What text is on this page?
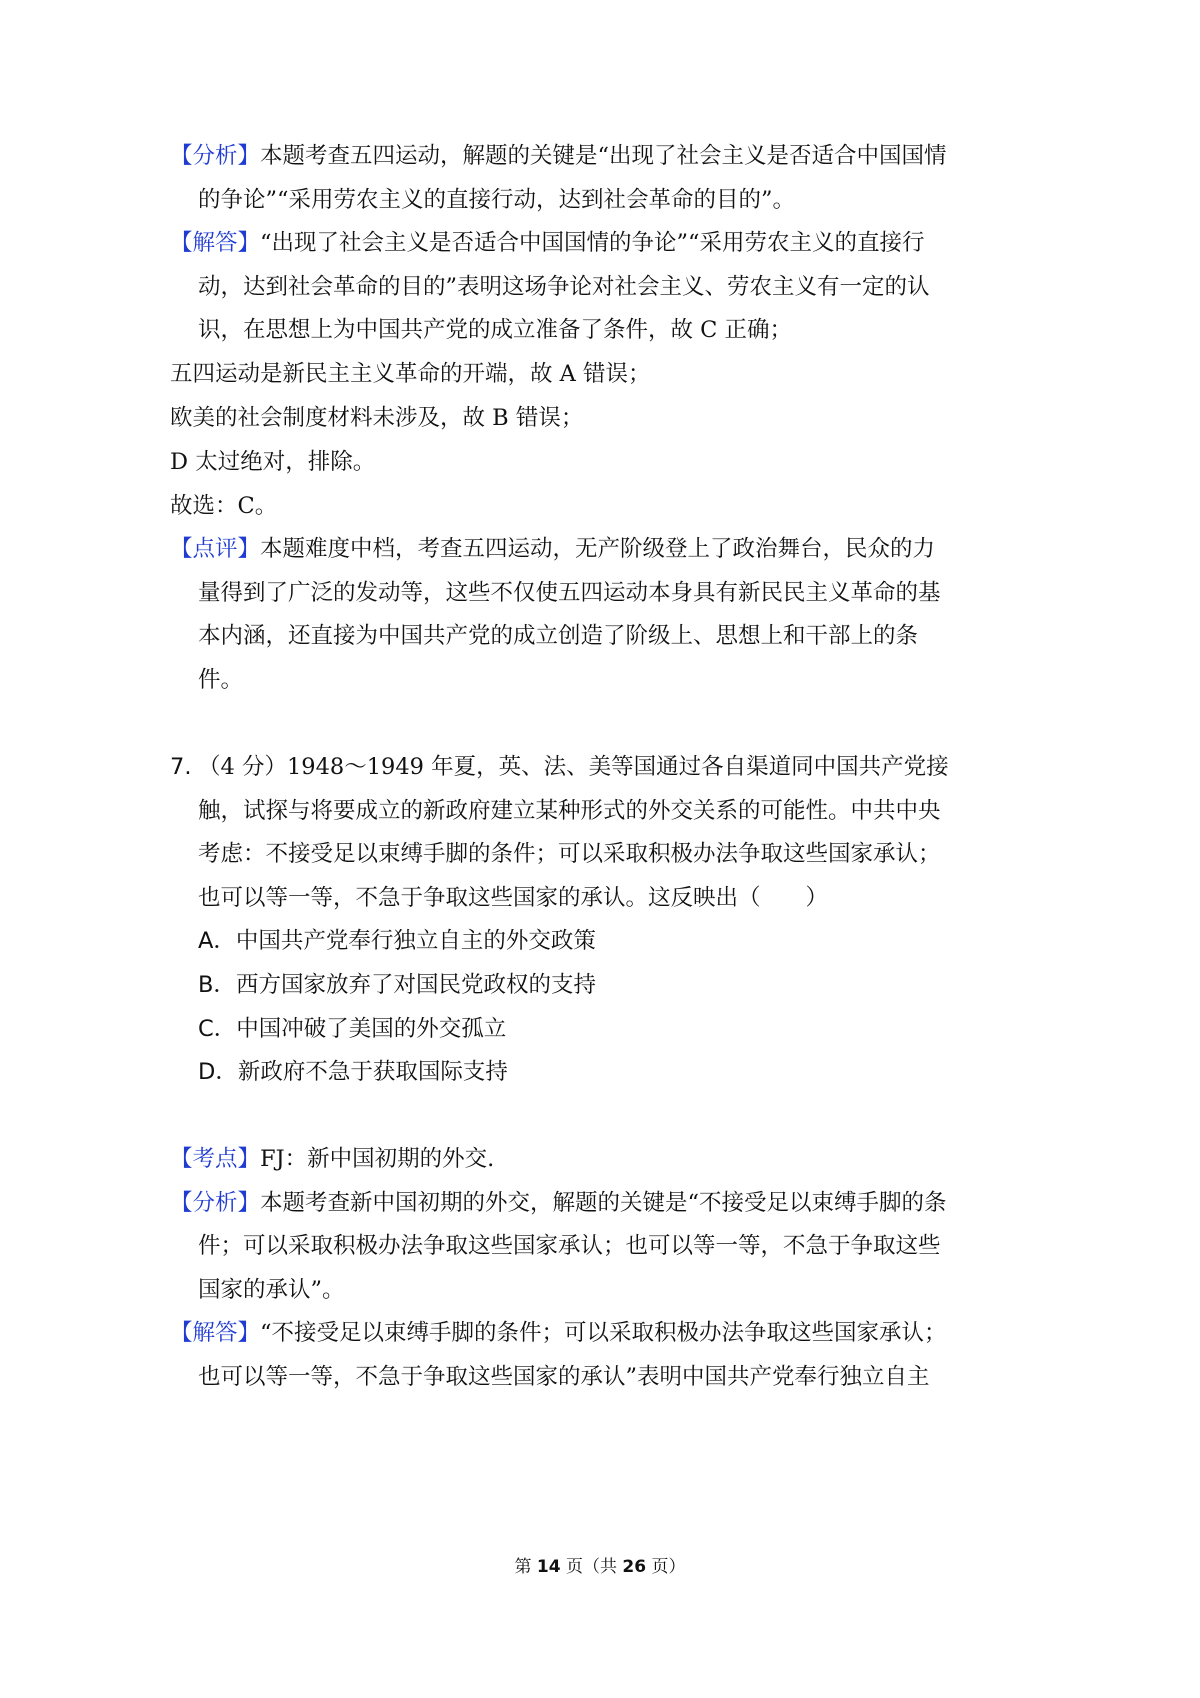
【分析】本题考查五四运动，解题的关键是“出现了社会主义是否适合中国国情
的争论”“采用劳农主义的直接行动，达到社会革命的目的”。
【解答】“出现了社会主义是否适合中国国情的争论”“采用劳农主义的直接行
动，达到社会革命的目的”表明这场争论对社会主义、劳农主义有一定的认
识，在思想上为中国共产党的成立准备了条件，故 C 正确；
五四运动是新民主主义革命的开端，故 A 错误；
欧美的社会制度材料未涉及，故 B 错误；
D 太过绝对，排除。
故选：C。
【点评】本题难度中档，考查五四运动，无产阶级登上了政治舞台，民众的力
量得到了广泛的发动等，这些不仅使五四运动本身具有新民民主义革命的基
本内涵，还直接为中国共产党的成立创造了阶级上、思想上和干部上的条
件。
7. （4 分）1948～1949 年夏，英、法、美等国通过各自渠道同中国共产党接
触，试探与将要成立的新政府建立某种形式的外交关系的可能性。中共中央
考虑：不接受足以束缚手脚的条件；可以采取积极办法争取这些国家承认；
也可以等一等，不急于争取这些国家的承认。这反映出（　　）
A．中国共产党奉行独立自主的外交政策
B．西方国家放弃了对国民党政权的支持
C．中国冲破了美国的外交孤立
D．新政府不急于获取国际支持
【考点】FJ：新中国初期的外交.
【分析】本题考查新中国初期的外交，解题的关键是“不接受足以束缚手脚的条
件；可以采取积极办法争取这些国家承认；也可以等一等，不急于争取这些
国家的承认”。
【解答】“不接受足以束缚手脚的条件；可以采取积极办法争取这些国家承认；
也可以等一等，不急于争取这些国家的承认”表明中国共产党奉行独立自主
第 14 页（共 26 页）
